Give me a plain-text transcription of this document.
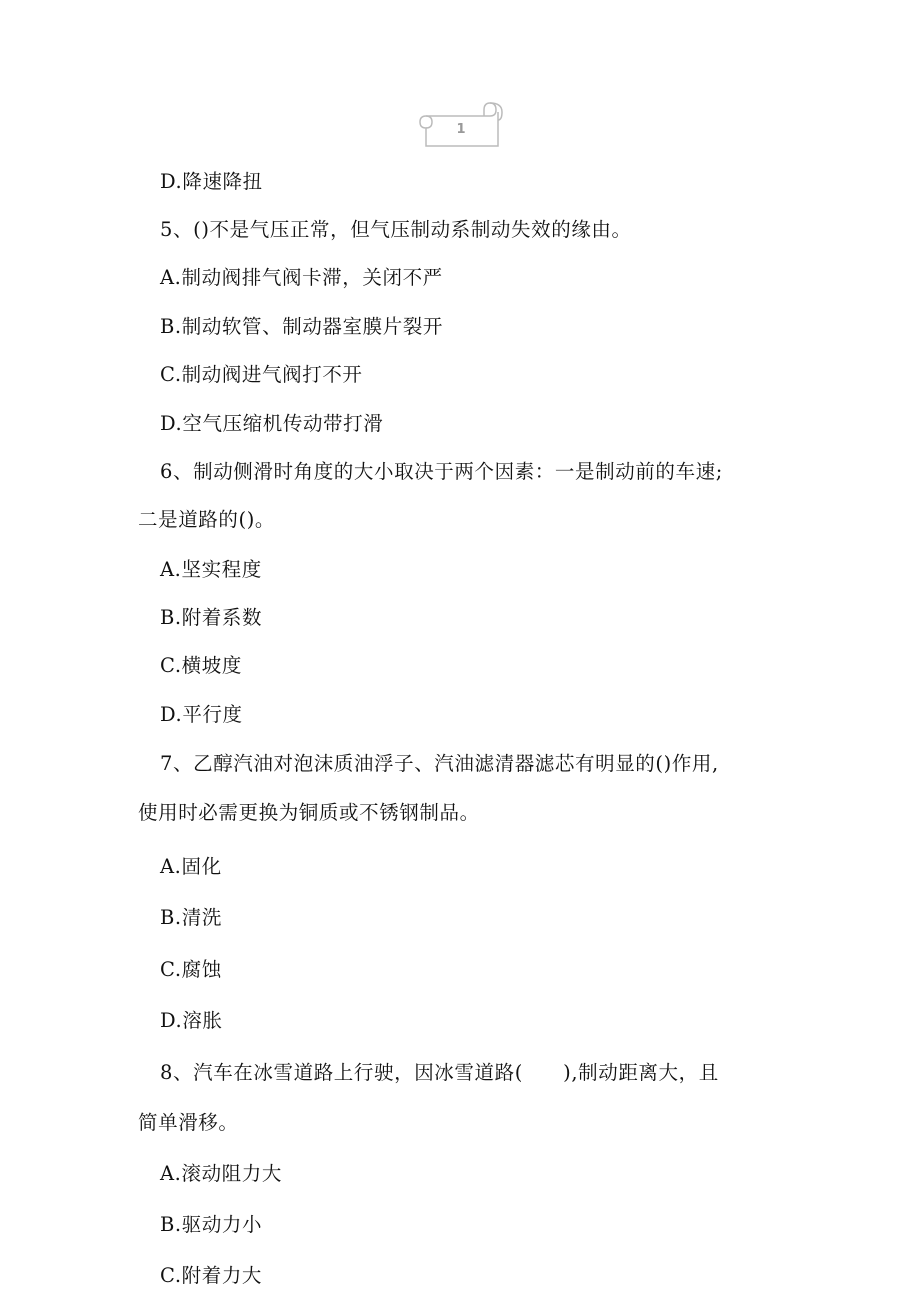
1
D.降速降扭
5、()不是气压正常，但气压制动系制动失效的缘由。
A.制动阀排气阀卡滞，关闭不严
B.制动软管、制动器室膜片裂开
C.制动阀进气阀打不开
D.空气压缩机传动带打滑
6、制动侧滑时角度的大小取决于两个因素：一是制动前的车速;
二是道路的()。
A.坚实程度
B.附着系数
C.横坡度
D.平行度
7、乙醇汽油对泡沫质油浮子、汽油滤清器滤芯有明显的()作用,
使用时必需更换为铜质或不锈钢制品。
A.固化
B.清洗
C.腐蚀
D.溶胀
8、汽车在冰雪道路上行驶，因冰雪道路(　　),制动距离大，且
简单滑移。
A.滚动阻力大
B.驱动力小
C.附着力大
